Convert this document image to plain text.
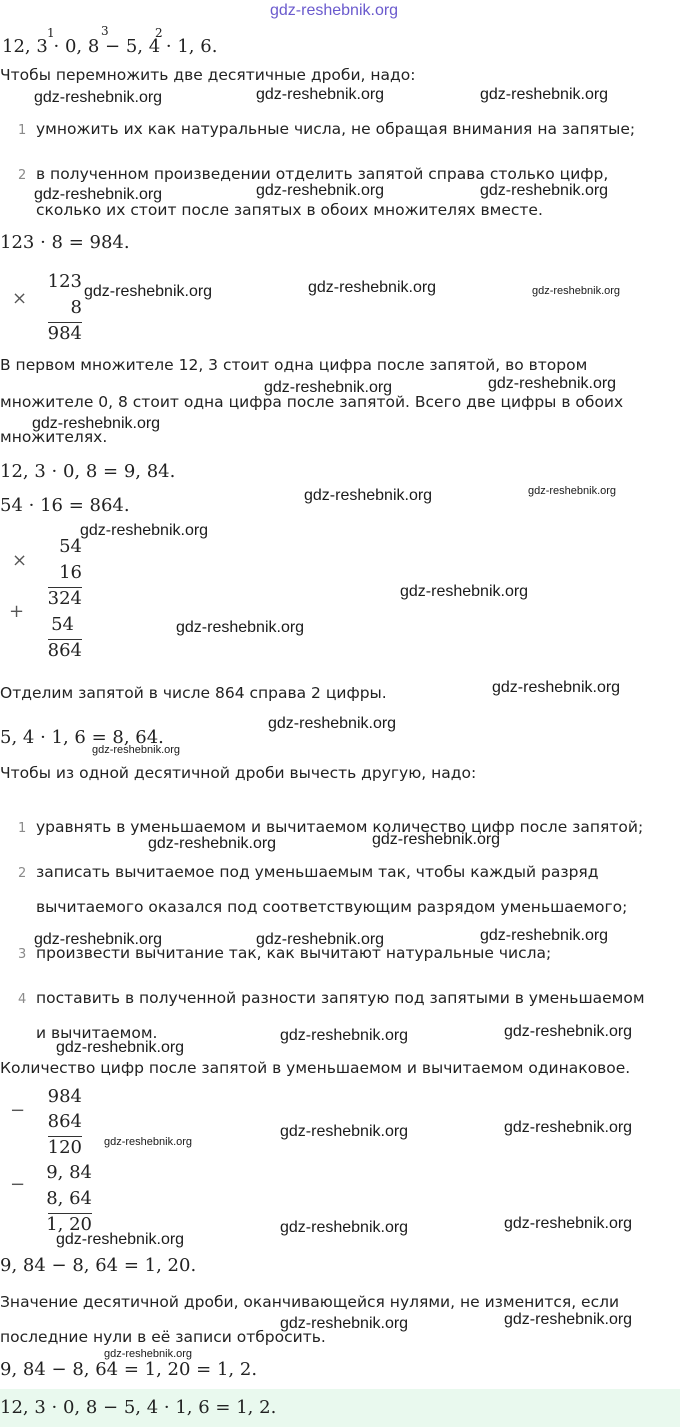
gdz-reshebnik.org
12, 3 · 0, 8 − 5, 4 · 1, 6.
1	3	2
Чтобы перемножить две десятичные дроби, надо:
1 умножить их как натуральные числа, не обращая внимания на запятые;
2 в полученном произведении отделить запятой справа столько цифр,
сколько их стоит после запятых в обоих множителях вместе.
123 · 8 = 984.
×
123
8
984
В первом множителе 12, 3 стоит одна цифра после запятой, во втором
множителе 0, 8 стоит одна цифра после запятой. Всего две цифры в обоих
множителях.
12, 3 · 0, 8 = 9, 84.
54 · 16 = 864.
×
54
16
324
+
54
864
Отделим запятой в числе 864 справа 2 цифры.
5, 4 · 1, 6 = 8, 64.
Чтобы из одной десятичной дроби вычесть другую, надо:
1 уравнять в уменьшаемом и вычитаемом количество цифр после запятой;
2 записать вычитаемое под уменьшаемым так, чтобы каждый разряд
вычитаемого оказался под соответствующим разрядом уменьшаемого;
3 произвести вычитание так, как вычитают натуральные числа;
4 поставить в полученной разности запятую под запятыми в уменьшаемом
и вычитаемом.
Количество цифр после запятой в уменьшаемом и вычитаемом одинаковое.
−
984
864
120
−
9, 84
8, 64
1, 20
9, 84 − 8, 64 = 1, 20.
Значение десятичной дроби, оканчивающейся нулями, не изменится, если
последние нули в её записи отбросить.
9, 84 − 8, 64 = 1, 20 = 1, 2.
12, 3 · 0, 8 − 5, 4 · 1, 6 = 1, 2.
gdz-reshebnik.org	gdz-reshebnik.org	gdz-reshebnik.org
gdz-reshebnik.org	gdz-reshebnik.org	gdz-reshebnik.org
gdz-reshebnik.org	gdz-reshebnik.org	gdz-reshebnik.org
gdz-reshebnik.org	gdz-reshebnik.org
gdz-reshebnik.org
gdz-reshebnik.org	gdz-reshebnik.org
gdz-reshebnik.org
gdz-reshebnik.org
gdz-reshebnik.org
gdz-reshebnik.org
gdz-reshebnik.org
gdz-reshebnik.org
gdz-reshebnik.org	gdz-reshebnik.org
gdz-reshebnik.org	gdz-reshebnik.org	gdz-reshebnik.org
gdz-reshebnik.org	gdz-reshebnik.org
gdz-reshebnik.org
gdz-reshebnik.org
gdz-reshebnik.org	gdz-reshebnik.org
gdz-reshebnik.org	gdz-reshebnik.org
gdz-reshebnik.org
gdz-reshebnik.org	gdz-reshebnik.org
gdz-reshebnik.org
